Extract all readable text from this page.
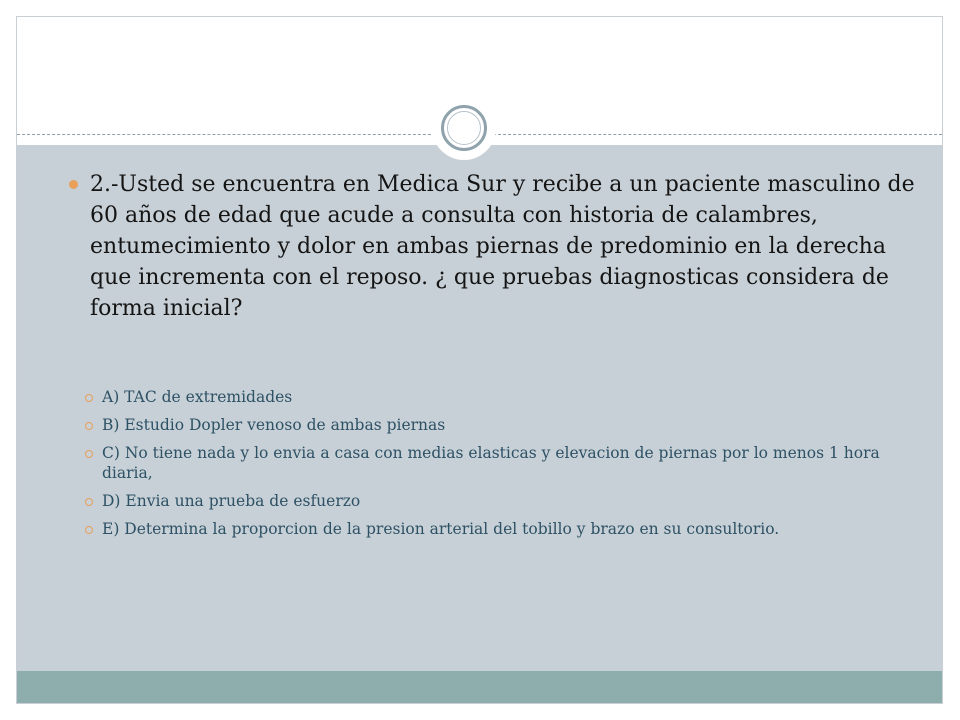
2.-Usted se encuentra en Medica Sur y recibe a un paciente masculino de 60 años de edad que acude a consulta con historia de calambres, entumecimiento y dolor en ambas piernas de predominio en la derecha que incrementa con el reposo. ¿ que pruebas diagnosticas considera de forma inicial?
A) TAC de extremidades
B) Estudio Dopler venoso de ambas piernas
C) No tiene nada y lo envia a casa con medias elasticas y elevacion de piernas por lo menos 1 hora diaria,
D) Envia una prueba de esfuerzo
E) Determina la proporcion de la presion arterial del tobillo y brazo en su consultorio.
